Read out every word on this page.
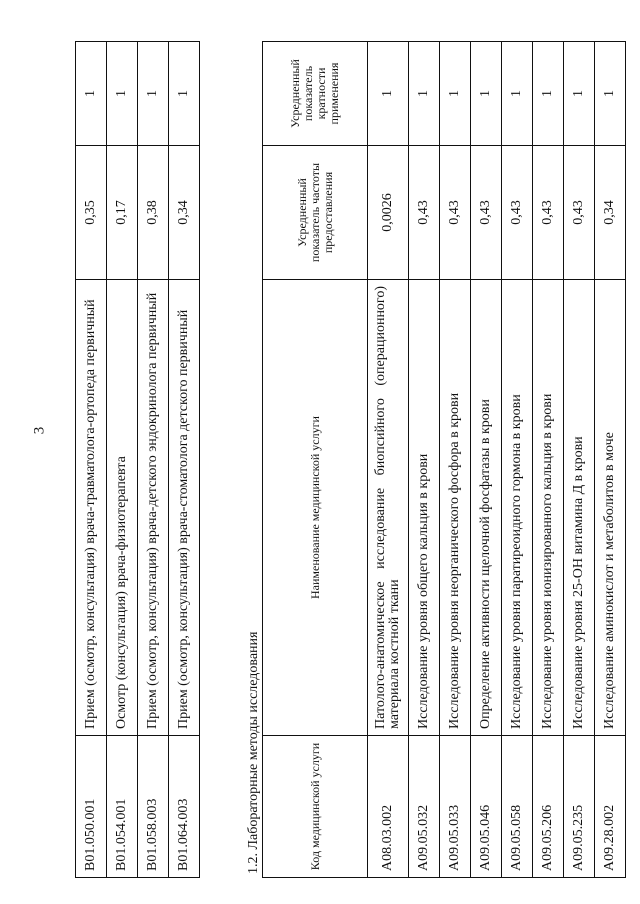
3
B01.050.001	Прием (осмотр, консультация) врача-травматолога-ортопеда первичный	0,35	1
B01.054.001	Осмотр (консультация) врача-физиотерапевта	0,17	1
B01.058.003	Прием (осмотр, консультация) врача-детского эндокринолога первичный	0,38	1
B01.064.003	Прием (осмотр, консультация) врача-стоматолога детского первичный	0,34	1
1.2. Лабораторные методы исследования	Код медицинской услуги	Наименование медицинской услуги	Усредненный показатель частоты предоставления	Усредненный показатель кратности применения
A08.03.002	Патолого-анатомическое исследование биопсийного (операционного) материала костной ткани	0,0026	1
A09.05.032	Исследование уровня общего кальция в крови	0,43	1
A09.05.033	Исследование уровня неорганического фосфора в крови	0,43	1
A09.05.046	Определение активности щелочной фосфатазы в крови	0,43	1
A09.05.058	Исследование уровня паратиреоидного гормона в крови	0,43	1
A09.05.206	Исследование уровня ионизированного кальция в крови	0,43	1
A09.05.235	Исследование уровня 25-ОН витамина Д в крови	0,43	1
A09.28.002	Исследование аминокислот и метаболитов в моче	0,34	1
